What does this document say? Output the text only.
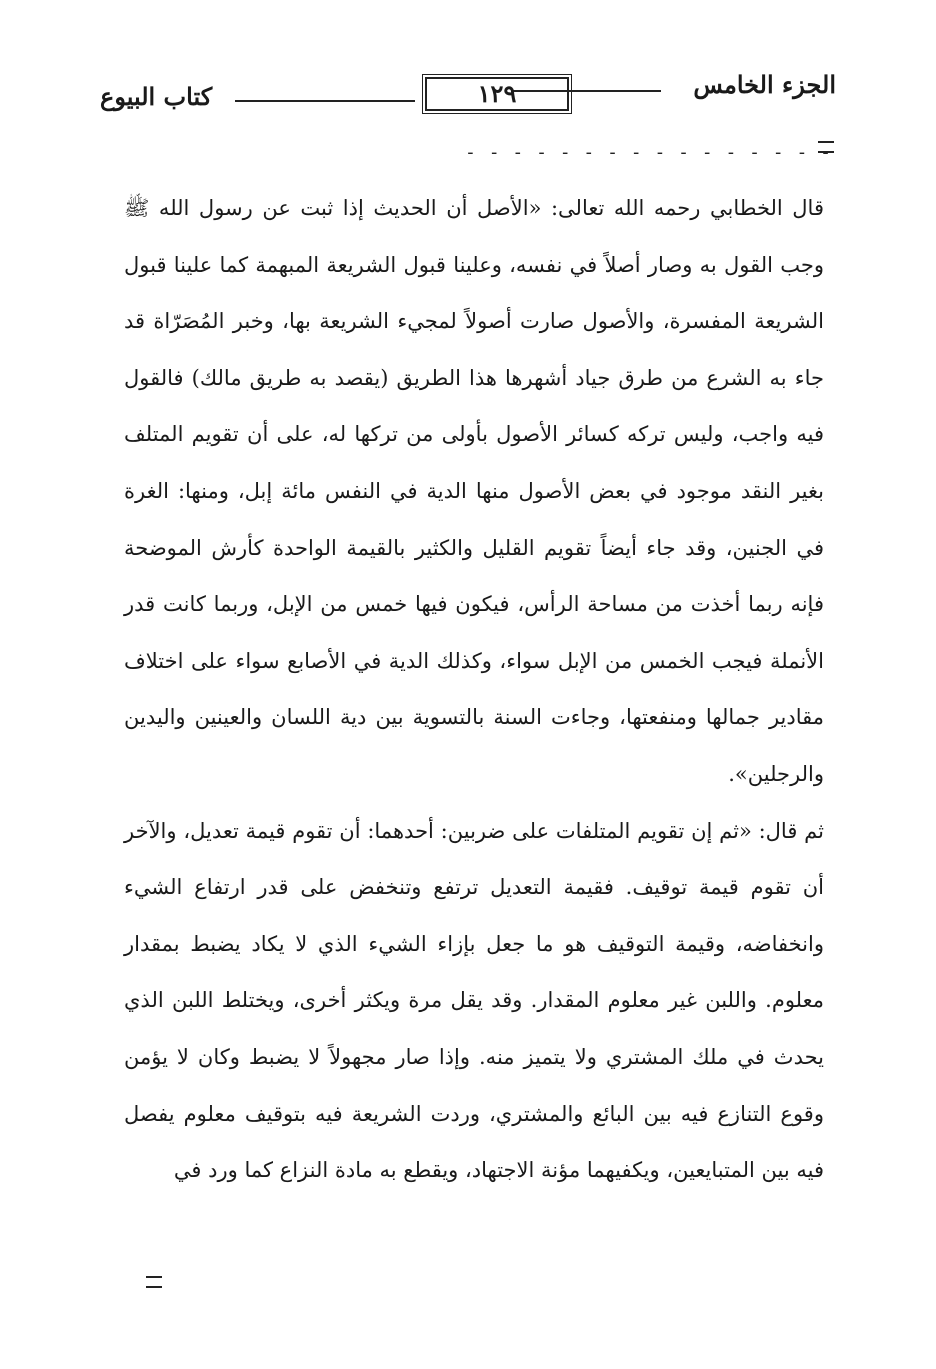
الجزء الخامس
١٢٩
كتاب البيوع
- - - - - - - - - - - - - - - -

قال الخطابي رحمه الله تعالى: «الأصل أن الحديث إذا ثبت عن رسول الله ﷺ وجب القول به وصار أصلاً في نفسه، وعلينا قبول الشريعة المبهمة كما علينا قبول الشريعة المفسرة، والأصول صارت أصولاً لمجيء الشريعة بها، وخبر المُصَرّاة قد جاء به الشرع من طرق جياد أشهرها هذا الطريق (يقصد به طريق مالك) فالقول فيه واجب، وليس تركه كسائر الأصول بأولى من تركها له، على أن تقويم المتلف بغير النقد موجود في بعض الأصول منها الدية في النفس مائة إبل، ومنها: الغرة في الجنين، وقد جاء أيضاً تقويم القليل والكثير بالقيمة الواحدة كأرش الموضحة فإنه ربما أخذت من مساحة الرأس، فيكون فيها خمس من الإبل، وربما كانت قدر الأنملة فيجب الخمس من الإبل سواء، وكذلك الدية في الأصابع سواء على اختلاف مقادير جمالها ومنفعتها، وجاءت السنة بالتسوية بين دية اللسان والعينين واليدين والرجلين».

ثم قال: «ثم إن تقويم المتلفات على ضربين: أحدهما: أن تقوم قيمة تعديل، والآخر أن تقوم قيمة توقيف. فقيمة التعديل ترتفع وتنخفض على قدر ارتفاع الشيء وانخفاضه، وقيمة التوقيف هو ما جعل بإزاء الشيء الذي لا يكاد يضبط بمقدار معلوم. واللبن غير معلوم المقدار. وقد يقل مرة ويكثر أخرى، ويختلط اللبن الذي يحدث في ملك المشتري ولا يتميز منه. وإذا صار مجهولاً لا يضبط وكان لا يؤمن وقوع التنازع فيه بين البائع والمشتري، وردت الشريعة فيه بتوقيف معلوم يفصل فيه بين المتبايعين، ويكفيهما مؤنة الاجتهاد، ويقطع به مادة النزاع كما ورد في
